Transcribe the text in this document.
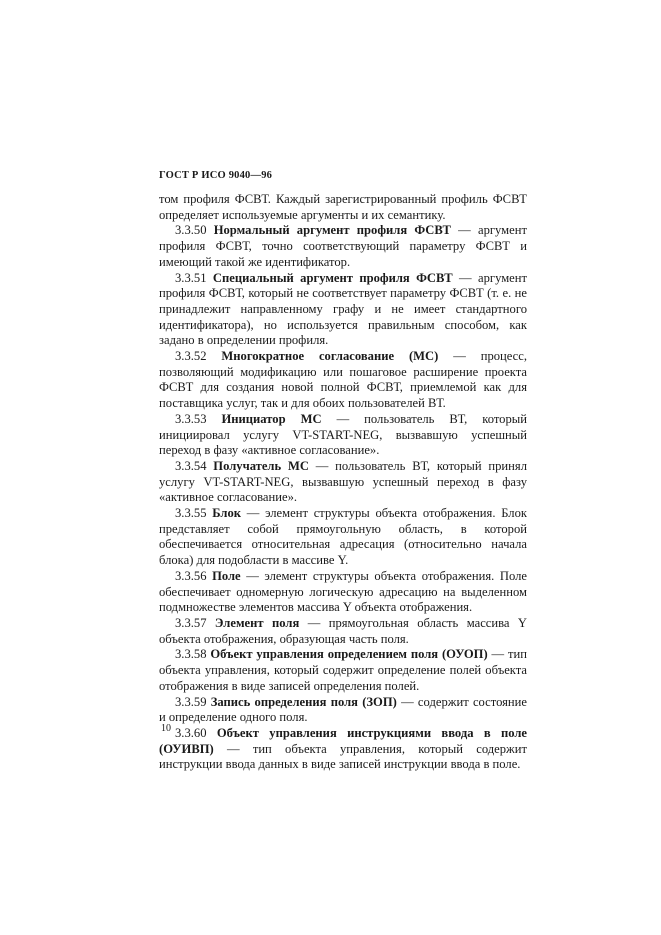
ГОСТ Р ИСО 9040—96

том профиля ФСВТ. Каждый зарегистрированный профиль ФСВТ определяет используемые аргументы и их семантику.

3.3.50 Нормальный аргумент профиля ФСВТ — аргумент профиля ФСВТ, точно соответствующий параметру ФСВТ и имеющий такой же идентификатор.

3.3.51 Специальный аргумент профиля ФСВТ — аргумент профиля ФСВТ, который не соответствует параметру ФСВТ (т. е. не принадлежит направленному графу и не имеет стандартного идентификатора), но используется правильным способом, как задано в определении профиля.

3.3.52 Многократное согласование (МС) — процесс, позволяющий модификацию или пошаговое расширение проекта ФСВТ для создания новой полной ФСВТ, приемлемой как для поставщика услуг, так и для обоих пользователей ВТ.

3.3.53 Инициатор МС — пользователь ВТ, который инициировал услугу VT-START-NEG, вызвавшую успешный переход в фазу «активное согласование».

3.3.54 Получатель МС — пользователь ВТ, который принял услугу VT-START-NEG, вызвавшую успешный переход в фазу «активное согласование».

3.3.55 Блок — элемент структуры объекта отображения. Блок представляет собой прямоугольную область, в которой обеспечивается относительная адресация (относительно начала блока) для подобласти в массиве Y.

3.3.56 Поле — элемент структуры объекта отображения. Поле обеспечивает одномерную логическую адресацию на выделенном подмножестве элементов массива Y объекта отображения.

3.3.57 Элемент поля — прямоугольная область массива Y объекта отображения, образующая часть поля.

3.3.58 Объект управления определением поля (ОУОП) — тип объекта управления, который содержит определение полей объекта отображения в виде записей определения полей.

3.3.59 Запись определения поля (ЗОП) — содержит состояние и определение одного поля.

3.3.60 Объект управления инструкциями ввода в поле (ОУИВП) — тип объекта управления, который содержит инструкции ввода данных в виде записей инструкции ввода в поле.

10
